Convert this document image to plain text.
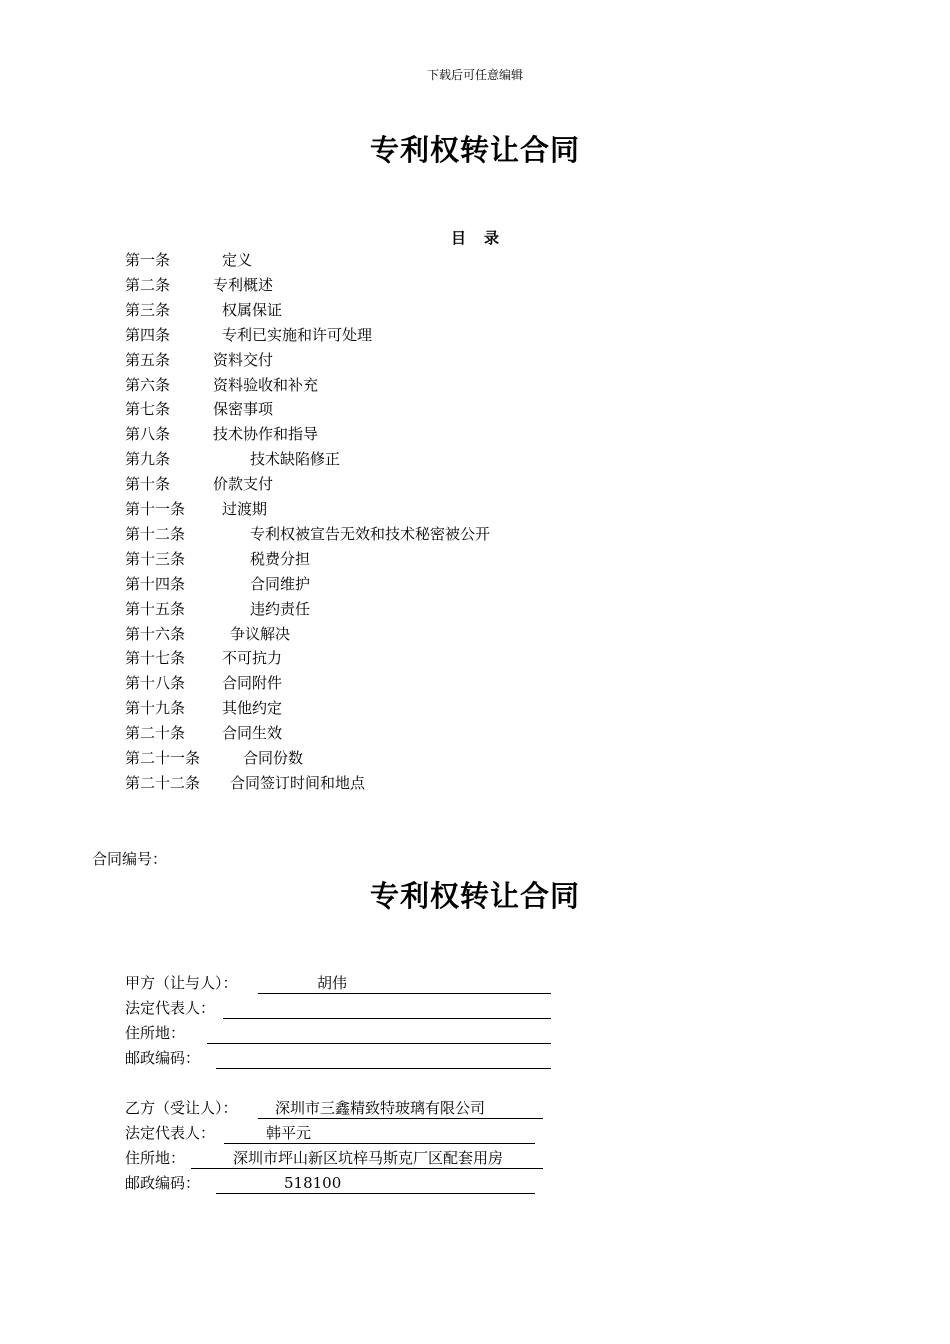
下载后可任意编辑
专利权转让合同
目 录
第一条	定义
第二条	专利概述
第三条	权属保证
第四条	专利已实施和许可处理
第五条	资料交付
第六条	资料验收和补充
第七条	保密事项
第八条	技术协作和指导
第九条	技术缺陷修正
第十条	价款支付
第十一条 过渡期
第十二条	专利权被宣告无效和技术秘密被公开
第十三条	税费分担
第十四条	合同维护
第十五条	违约责任
第十六条	争议解决
第十七条 不可抗力
第十八条 合同附件
第十九条 其他约定
第二十条 合同生效
第二十一条	合同份数
第二十二条 合同签订时间和地点
合同编号：
专利权转让合同
甲方（让与人）：	胡伟
法定代表人：
住所地：
邮政编码：
乙方（受让人）： 深圳市三鑫精致特玻璃有限公司
法定代表人：	韩平元
住所地：	深圳市坪山新区坑梓马斯克厂区配套用房
邮政编码：	518100
